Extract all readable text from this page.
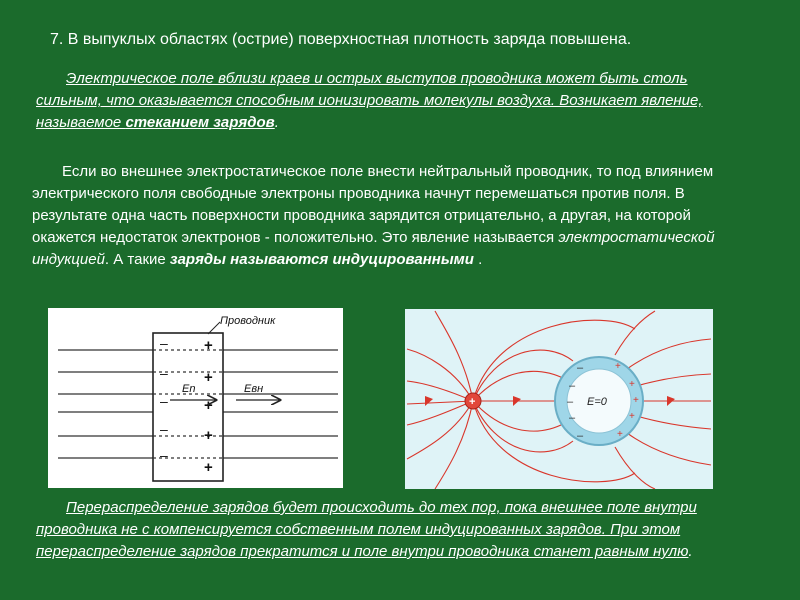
7. В выпуклых областях (острие) поверхностная плотность заряда повышена.
Электрическое поле вблизи краев и острых выступов проводника может быть столь сильным, что оказывается способным ионизировать молекулы воздуха. Возникает явление, называемое стеканием зарядов.
Если во внешнее электростатическое поле внести нейтральный проводник, то под влиянием электрического поля свободные электроны проводника начнут перемешаться против поля. В результате одна часть поверхности проводника зарядится отрицательно, а другая, на которой окажется недостаток электронов - положительно. Это явление называется электростатической индукцией. А такие заряды называются индуцированными .
–
–
–
–
–
+
+
+
+
+
En	Eвн
Проводник
E=0
+
+
+
+
+
–
–
–
–
–
+
Перераспределение зарядов будет происходить до тех пор, пока внешнее поле внутри проводника не с компенсируется собственным полем индуцированных зарядов. При этом перераспределение зарядов прекратится и поле внутри проводника станет равным нулю.
